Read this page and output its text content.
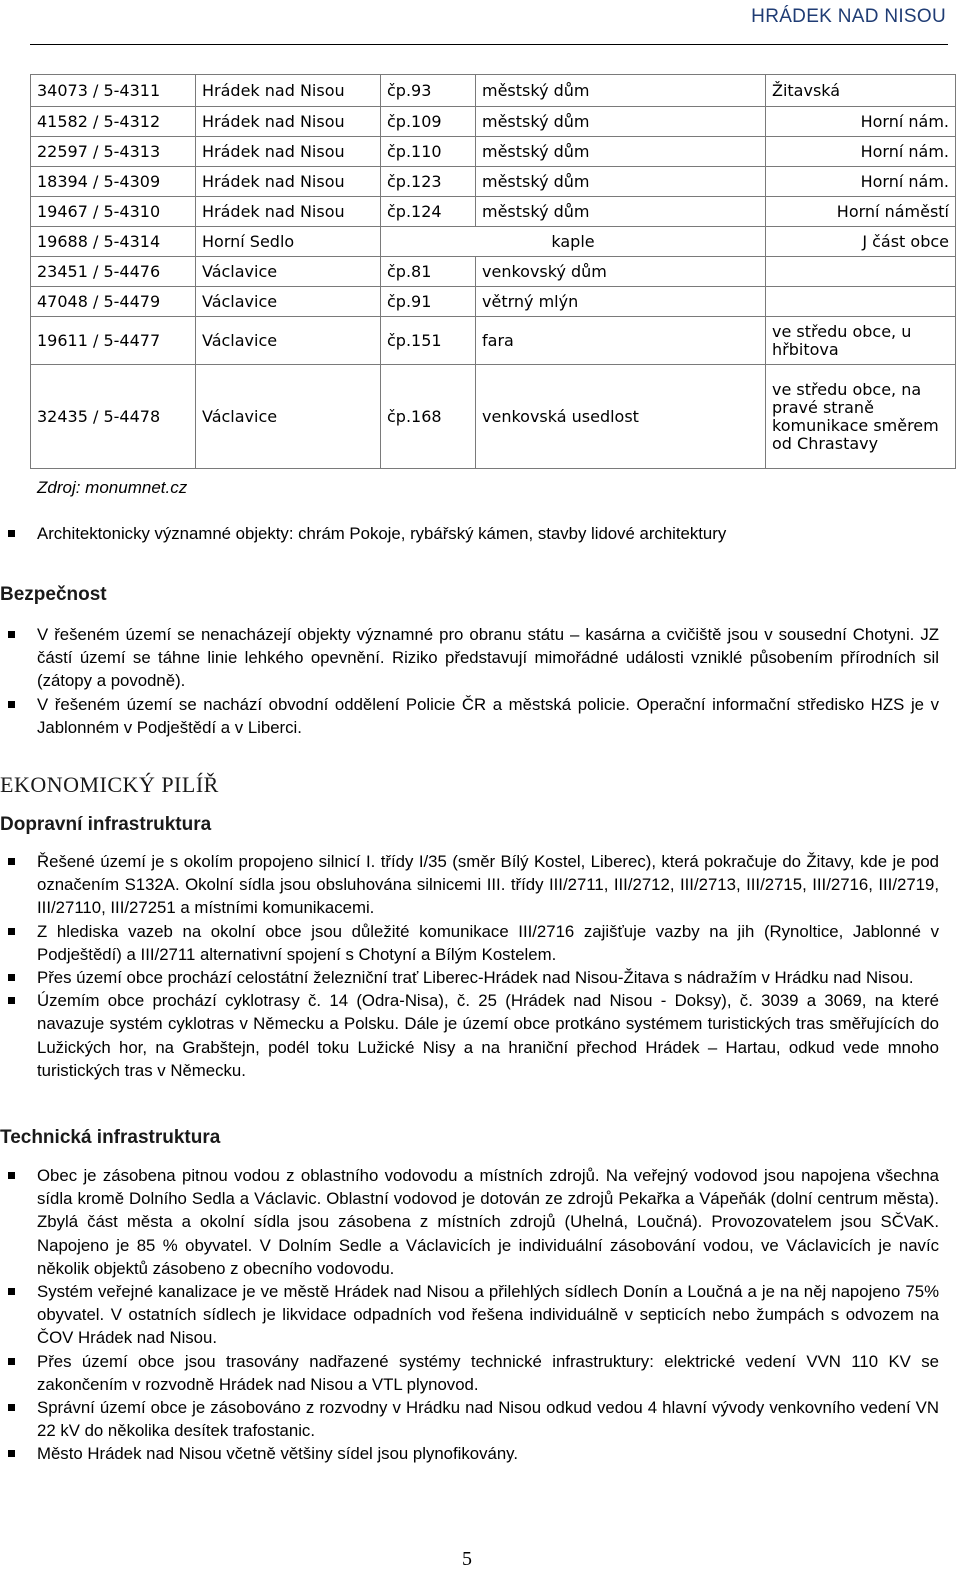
HRÁDEK NAD NISOU
34073 / 5-4311	Hrádek nad Nisou	čp.93	městský dům	Žitavská
41582 / 5-4312	Hrádek nad Nisou	čp.109	městský dům	Horní nám.
22597 / 5-4313	Hrádek nad Nisou	čp.110	městský dům	Horní nám.
18394 / 5-4309	Hrádek nad Nisou	čp.123	městský dům	Horní nám.
19467 / 5-4310	Hrádek nad Nisou	čp.124	městský dům	Horní náměstí
19688 / 5-4314	Horní Sedlo	kaple		J část obce
23451 / 5-4476	Václavice	čp.81	venkovský dům	
47048 / 5-4479	Václavice	čp.91	větrný mlýn	
19611 / 5-4477	Václavice	čp.151	fara	ve středu obce, u hřbitova
32435 / 5-4478	Václavice	čp.168	venkovská usedlost	ve středu obce, na pravé straně komunikace směrem od Chrastavy
Zdroj: monumnet.cz
Architektonicky významné objekty: chrám Pokoje, rybářský kámen, stavby lidové architektury
Bezpečnost
V řešeném území se nenacházejí objekty významné pro obranu státu – kasárna a cvičiště jsou v sousední Chotyni. JZ částí území se táhne linie lehkého opevnění. Riziko představují mimořádné události vzniklé působením přírodních sil (zátopy a povodně).
V řešeném území se nachází obvodní oddělení Policie ČR a městská policie. Operační informační středisko HZS je v Jablonném v Podještědí a v Liberci.
EKONOMICKÝ PILÍŘ
Dopravní infrastruktura
Řešené území je s okolím propojeno silnicí I. třídy I/35 (směr Bílý Kostel, Liberec), která pokračuje do Žitavy, kde je pod označením S132A. Okolní sídla jsou obsluhována silnicemi III. třídy III/2711, III/2712, III/2713, III/2715, III/2716, III/2719, III/27110, III/27251 a místními komunikacemi.
Z hlediska vazeb na okolní obce jsou důležité komunikace III/2716 zajišťuje vazby na jih (Rynoltice, Jablonné v Podještědí) a III/2711 alternativní spojení s Chotyní a Bílým Kostelem.
Přes území obce prochází celostátní železniční trať Liberec-Hrádek nad Nisou-Žitava s nádražím v Hrádku nad Nisou.
Územím obce prochází cyklotrasy č. 14 (Odra-Nisa), č. 25 (Hrádek nad Nisou - Doksy), č. 3039 a 3069, na které navazuje systém cyklotras v Německu a Polsku. Dále je území obce protkáno systémem turistických tras směřujících do Lužických hor, na Grabštejn, podél toku Lužické Nisy a na hraniční přechod Hrádek – Hartau, odkud vede mnoho turistických tras v Německu.
Technická infrastruktura
Obec je zásobena pitnou vodou z oblastního vodovodu a místních zdrojů. Na veřejný vodovod jsou napojena všechna sídla kromě Dolního Sedla a Václavic. Oblastní vodovod je dotován ze zdrojů Pekařka a Vápeňák (dolní centrum města). Zbylá část města a okolní sídla jsou zásobena z místních zdrojů (Uhelná, Loučná). Provozovatelem jsou SČVaK. Napojeno je 85 % obyvatel. V Dolním Sedle a Václavicích je individuální zásobování vodou, ve Václavicích je navíc několik objektů zásobeno z obecního vodovodu.
Systém veřejné kanalizace je ve městě Hrádek nad Nisou a přilehlých sídlech Donín a Loučná a je na něj napojeno 75% obyvatel. V ostatních sídlech je likvidace odpadních vod řešena individuálně v septicích nebo žumpách s odvozem na ČOV Hrádek nad Nisou.
Přes území obce jsou trasovány nadřazené systémy technické infrastruktury: elektrické vedení VVN 110 KV se zakončením v rozvodně Hrádek nad Nisou a VTL plynovod.
Správní území obce je zásobováno z rozvodny v Hrádku nad Nisou odkud vedou 4 hlavní vývody venkovního vedení VN 22 kV do několika desítek trafostanic.
Město Hrádek nad Nisou včetně většiny sídel jsou plynofikovány.
5
